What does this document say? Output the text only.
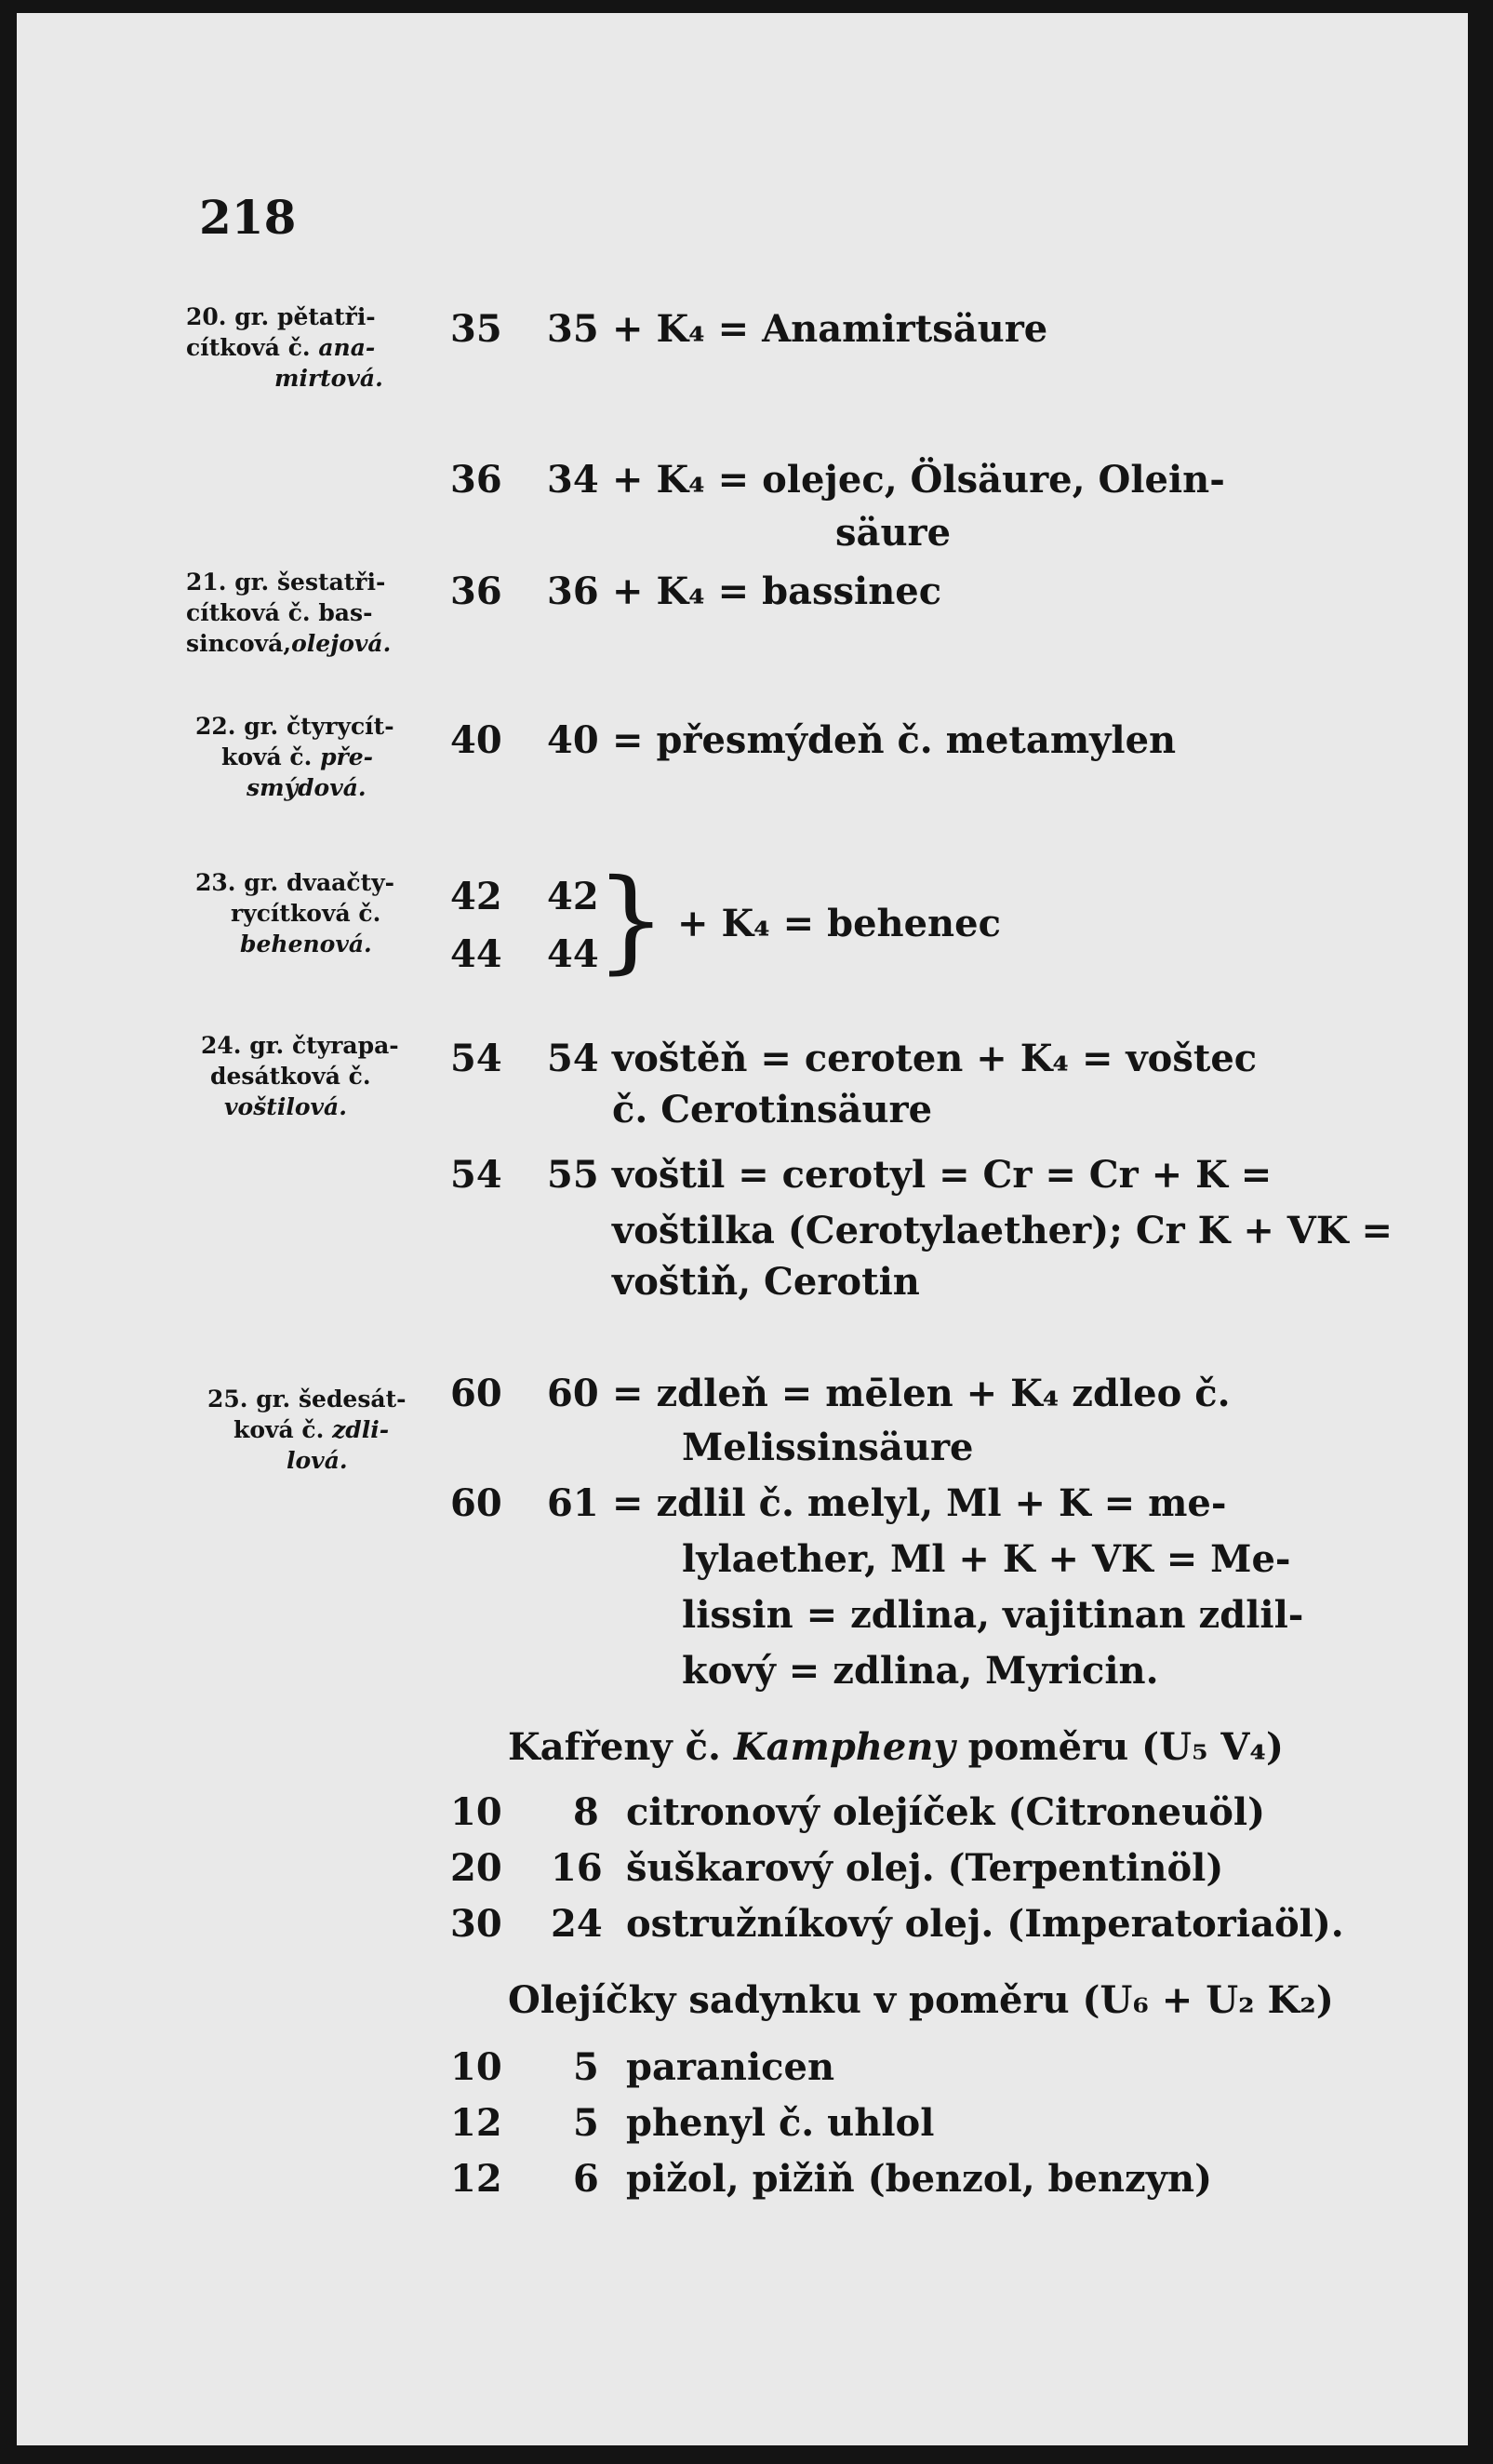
218
20. gr. pětatři-
cítková č. ana-
mirtová.
21. gr. šestatři-
cítková č. bas-
sincová,olejová.
22. gr. čtyrycít-
ková č. pře-
smýdová.
23. gr. dvaačty-
rycítková č.
behenová.
24. gr. čtyrapa-
desátková č.
voštilová.
25. gr. šedesát-
ková č. zdli-
lová.
35 35 + K₄ = Anamirtsäure
36 34 + K₄ = olejec, Ölsäure, Olein-
säure
36 36 + K₄ = bassinec
40 40 = přesmýdeň č. metamylen
42
44
42
44
} + K₄ = behenec
54 54 voštěň = ceroten + K₄ = voštec
č. Cerotinsäure
54 55 voštil = cerotyl = Cr = Cr + K =
voštilka (Cerotylaether); Cr K + VK =
voštiň, Cerotin
60 60 = zdleň = mēlen + K₄ zdleo č.
Melissinsäure
60 61 = zdlil č. melyl, Ml + K = me-
lylaether, Ml + K + VK = Me-
lissin = zdlina, vajitinan zdlil-
kový = zdlina, Myricin.
Kafřeny č. Kampheny poměru (U₅ V₄)
10 8 citronový olejíček (Citroneuöl)
20 16 šuškarový olej. (Terpentinöl)
30 24 ostružníkový olej. (Imperatoriaöl).
Olejíčky sadynku v poměru (U₆ + U₂ K₂)
10 5 paranicen
12 5 phenyl č. uhlol
12 6 pižol, pižiň (benzol, benzyn)
